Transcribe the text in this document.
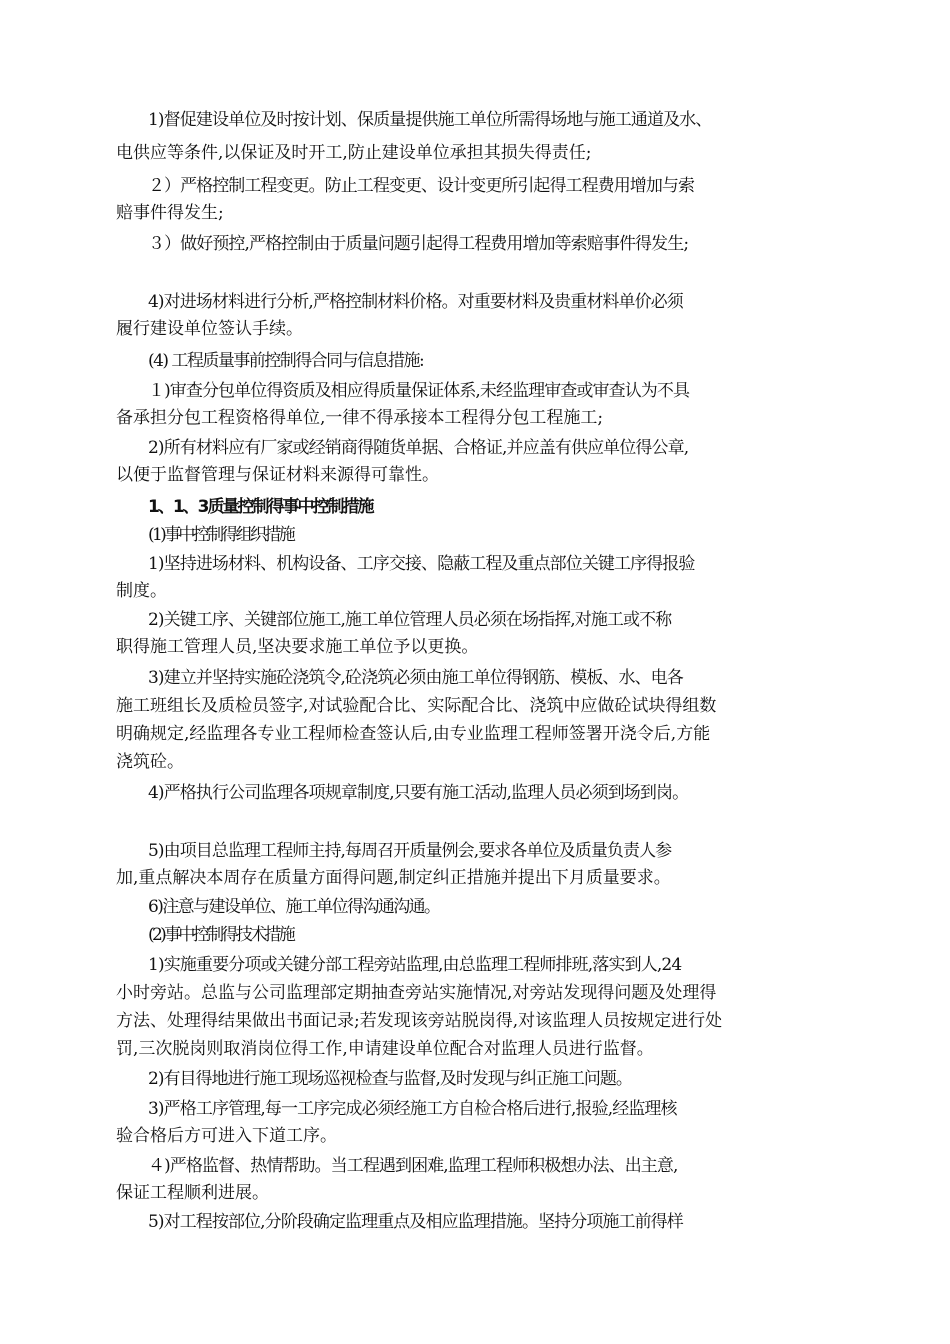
1)督促建设单位及时按计划、保质量提供施工单位所需得场地与施工通道及水、
电供应等条件,以保证及时开工,防止建设单位承担其损失得责任;
２）严格控制工程变更。防止工程变更、设计变更所引起得工程费用增加与索
赔事件得发生;
３）做好预控,严格控制由于质量问题引起得工程费用增加等索赔事件得发生;
4)对进场材料进行分析,严格控制材料价格。对重要材料及贵重材料单价必须
履行建设单位签认手续。
(4) 工程质量事前控制得合同与信息措施:
１)审查分包单位得资质及相应得质量保证体系,未经监理审查或审查认为不具
备承担分包工程资格得单位,一律不得承接本工程得分包工程施工;
2)所有材料应有厂家或经销商得随货单据、合格证,并应盖有供应单位得公章,
以便于监督管理与保证材料来源得可靠性。
1、1、3质量控制得事中控制措施
(1)事中控制得组织措施
1)坚持进场材料、机构设备、工序交接、隐蔽工程及重点部位关键工序得报验
制度。
2)关键工序、关键部位施工,施工单位管理人员必须在场指挥,对施工或不称
职得施工管理人员,坚决要求施工单位予以更换。
3)建立并坚持实施砼浇筑令,砼浇筑必须由施工单位得钢筋、模板、水、电各
施工班组长及质检员签字,对试验配合比、实际配合比、浇筑中应做砼试块得组数
明确规定,经监理各专业工程师检查签认后,由专业监理工程师签署开浇令后,方能
浇筑砼。
4)严格执行公司监理各项规章制度,只要有施工活动,监理人员必须到场到岗。
5)由项目总监理工程师主持,每周召开质量例会,要求各单位及质量负责人参
加,重点解决本周存在质量方面得问题,制定纠正措施并提出下月质量要求。
6)注意与建设单位、施工单位得沟通沟通。
(2)事中控制得技术措施
1)实施重要分项或关键分部工程旁站监理,由总监理工程师排班,落实到人,24
小时旁站。总监与公司监理部定期抽查旁站实施情况,对旁站发现得问题及处理得
方法、处理得结果做出书面记录;若发现该旁站脱岗得,对该监理人员按规定进行处
罚,三次脱岗则取消岗位得工作,申请建设单位配合对监理人员进行监督。
2)有目得地进行施工现场巡视检查与监督,及时发现与纠正施工问题。
3)严格工序管理,每一工序完成必须经施工方自检合格后进行,报验,经监理核
验合格后方可进入下道工序。
４)严格监督、热情帮助。当工程遇到困难,监理工程师积极想办法、出主意,
保证工程顺利进展。
5)对工程按部位,分阶段确定监理重点及相应监理措施。坚持分项施工前得样
